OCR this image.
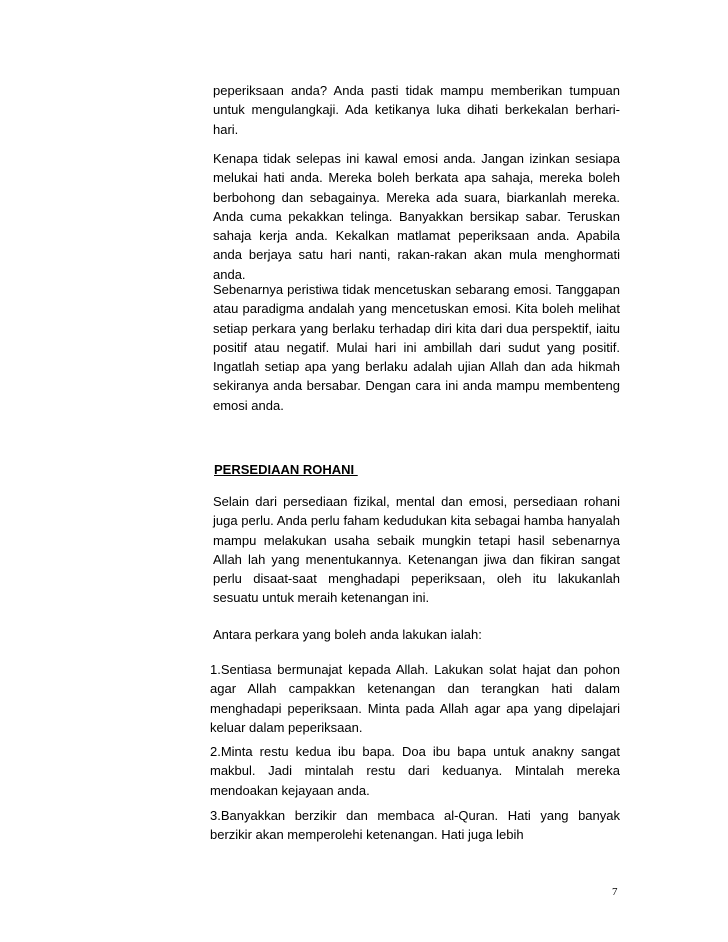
peperiksaan anda? Anda pasti tidak mampu memberikan tumpuan untuk mengulangkaji. Ada ketikanya luka dihati berkekalan berhari-hari.

Kenapa tidak selepas ini kawal emosi anda. Jangan izinkan sesiapa melukai hati anda. Mereka boleh berkata apa sahaja, mereka boleh berbohong dan sebagainya. Mereka ada suara, biarkanlah mereka. Anda cuma pekakkan telinga. Banyakkan bersikap sabar. Teruskan sahaja kerja anda. Kekalkan matlamat peperiksaan anda. Apabila anda berjaya satu hari nanti, rakan-rakan akan mula menghormati anda.

Sebenarnya peristiwa tidak mencetuskan sebarang emosi. Tanggapan atau paradigma andalah yang mencetuskan emosi. Kita boleh melihat setiap perkara yang berlaku terhadap diri kita dari dua perspektif, iaitu positif atau negatif. Mulai hari ini ambillah dari sudut yang positif. Ingatlah setiap apa yang berlaku adalah ujian Allah dan ada hikmah sekiranya anda bersabar. Dengan cara ini anda mampu membenteng emosi anda.

PERSEDIAAN ROHANI

Selain dari persediaan fizikal, mental dan emosi, persediaan rohani juga perlu. Anda perlu faham kedudukan kita sebagai hamba hanyalah mampu melakukan usaha sebaik mungkin tetapi hasil sebenarnya Allah lah yang menentukannya. Ketenangan jiwa dan fikiran sangat perlu disaat-saat menghadapi peperiksaan, oleh itu lakukanlah sesuatu untuk meraih ketenangan ini.

Antara perkara yang boleh anda lakukan ialah:

1.Sentiasa bermunajat kepada Allah. Lakukan solat hajat dan pohon agar Allah campakkan ketenangan dan terangkan hati dalam menghadapi peperiksaan. Minta pada Allah agar apa yang dipelajari keluar dalam peperiksaan.

2.Minta restu kedua ibu bapa. Doa ibu bapa untuk anakny sangat makbul. Jadi mintalah restu dari keduanya. Mintalah mereka mendoakan kejayaan anda.

3.Banyakkan berzikir dan membaca al-Quran. Hati yang banyak berzikir akan memperolehi ketenangan. Hati juga lebih

7
